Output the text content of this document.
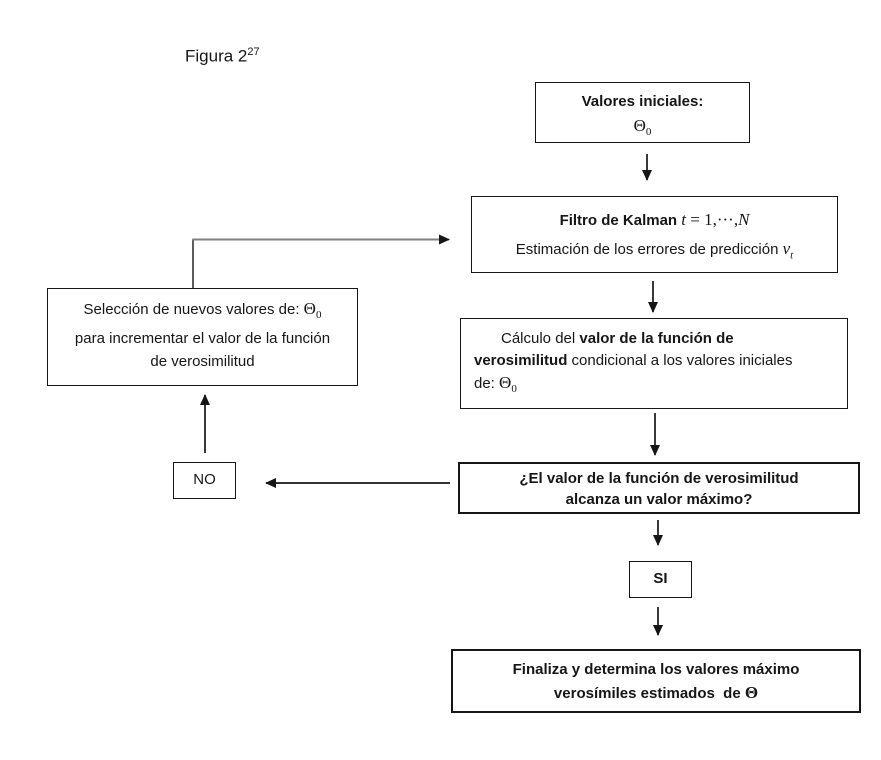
Figura $2^{27}$
Valores iniciales:
$\Theta_0$
Filtro de Kalman t = 1,···,N
Estimación de los errores de predicción $v_t$
Cálculo del valor de la función de
verosimilitud condicional a los valores iniciales
de: $\Theta_0$
¿El valor de la función de verosimilitud
alcanza un valor máximo?
SI
NO
Finaliza y determina los valores máximo
verosímiles estimados  de Θ
Selección de nuevos valores de: $\Theta_0$
para incrementar el valor de la función
de verosimilitud
